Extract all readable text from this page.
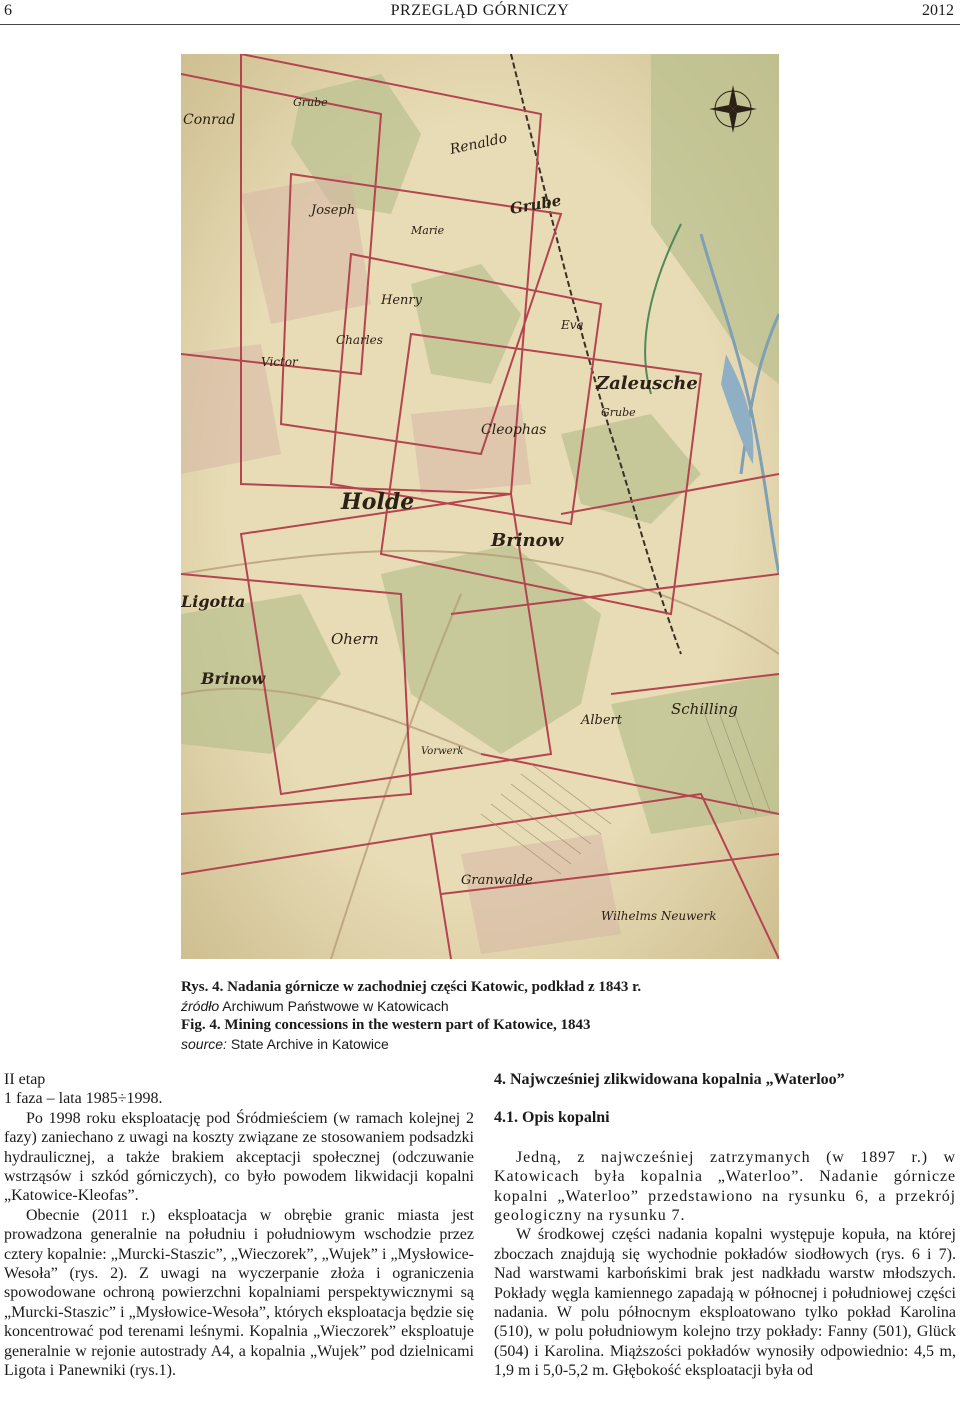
6	PRZEGLĄD GÓRNICZY	2012
Conrad
Renaldo
Grube
Grube
Joseph
Marie
Henry
Eva
Zaleusche
Grube
Charles
Victor
Cleophas
Holde
Brinow
Ligotta
Ohern
Brinow
Albert
Schilling
Vorwerk
Granwalde
Wilhelms Neuwerk
Rys. 4. Nadania górnicze w zachodniej części Katowic, podkład z 1843 r.
źródło Archiwum Państwowe w Katowicach
Fig. 4. Mining concessions in the western part of Katowice, 1843
source: State Archive in Katowice

II etap

1 faza – lata 1985÷1998.

Po 1998 roku eksploatację pod Śródmieściem (w ramach kolejnej 2 fazy) zaniechano z uwagi na koszty związane ze stosowaniem podsadzki hydraulicznej, a także brakiem akceptacji społecznej (odczuwanie wstrząsów i szkód górniczych), co było powodem likwidacji kopalni „Katowice-Kleofas”.

Obecnie (2011 r.) eksploatacja w obrębie granic miasta jest prowadzona generalnie na południu i południowym wschodzie przez cztery kopalnie: „Murcki-Staszic”, „Wieczorek”, „Wujek” i „Mysłowice-Wesoła” (rys. 2). Z uwagi na wyczerpanie złoża i ograniczenia spowodowane ochroną powierzchni kopalniami perspektywicznymi są „Murcki-Staszic” i „Mysłowice-Wesoła”, których eksploatacja będzie się koncentrować pod terenami leśnymi. Kopalnia „Wieczorek” eksploatuje generalnie w rejonie autostrady A4, a kopalnia „Wujek” pod dzielnicami Ligota i Panewniki (rys.1).

4. Najwcześniej zlikwidowana kopalnia „Waterloo”

4.1. Opis kopalni

Jedną, z najwcześniej zatrzymanych (w 1897 r.) w Katowicach była kopalnia „Waterloo”. Nadanie górnicze kopalni „Waterloo” przedstawiono na rysunku 6, a przekrój geologiczny na rysunku 7.

W środkowej części nadania kopalni występuje kopuła, na której zboczach znajdują się wychodnie pokładów siodłowych (rys. 6 i 7). Nad warstwami karbońskimi brak jest nadkładu warstw młodszych. Pokłady węgla kamiennego zapadają w północnej i południowej części nadania. W polu północnym eksploatowano tylko pokład Karolina (510), w polu południowym kolejno trzy pokłady: Fanny (501), Glück (504) i Karolina. Miąższości pokładów wynosiły odpowiednio: 4,5 m, 1,9 m i 5,0-5,2 m. Głębokość eksploatacji była od
